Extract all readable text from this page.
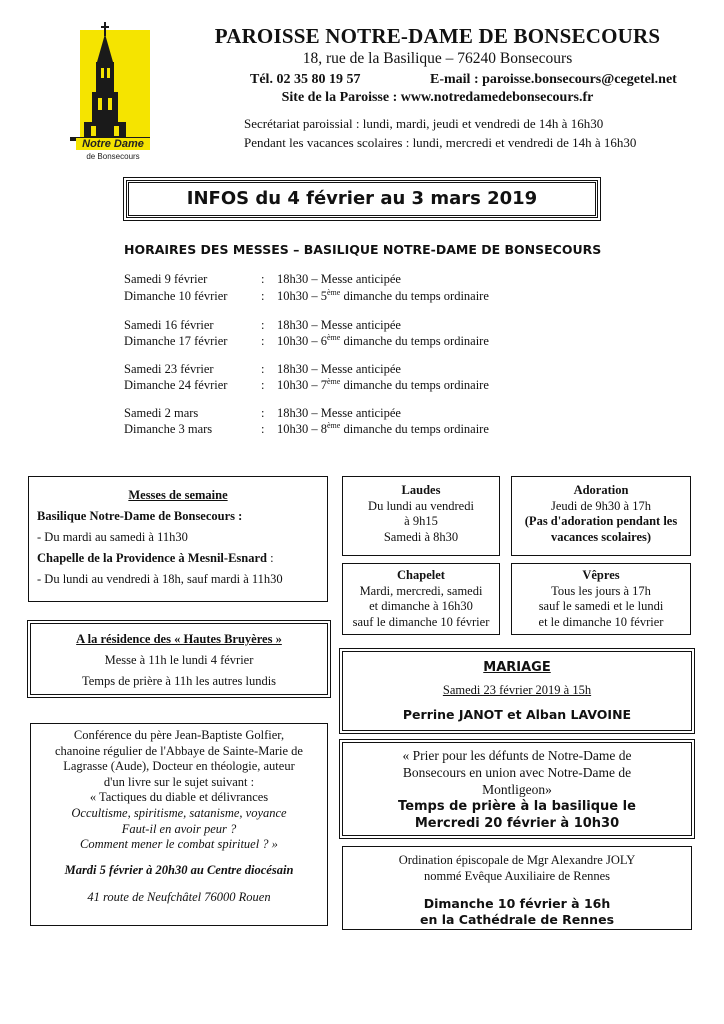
Notre Dame
de Bonsecours
PAROISSE NOTRE-DAME DE BONSECOURS
18, rue de la Basilique – 76240 Bonsecours
Tél. 02 35 80 19 57	E-mail : paroisse.bonsecours@cegetel.net
Site de la Paroisse : www.notredamedebonsecours.fr
Secrétariat paroissial : lundi, mardi, jeudi et vendredi de 14h à 16h30
Pendant les vacances scolaires : lundi, mercredi et vendredi de 14h à 16h30
INFOS du 4 février au 3 mars 2019
HORAIRES DES MESSES – BASILIQUE NOTRE-DAME DE BONSECOURS
Samedi 9 février	: 18h30 – Messe anticipée
Dimanche 10 février	: 10h30 – 5ème dimanche du temps ordinaire
Samedi 16 février	: 18h30 – Messe anticipée
Dimanche 17 février	: 10h30 – 6ème dimanche du temps ordinaire
Samedi 23 février	: 18h30 – Messe anticipée
Dimanche 24 février	: 10h30 – 7ème dimanche du temps ordinaire
Samedi 2 mars	: 18h30 – Messe anticipée
Dimanche 3 mars	: 10h30 – 8ème dimanche du temps ordinaire
Messes de semaine
Basilique Notre-Dame de Bonsecours :
- Du mardi au samedi à 11h30
Chapelle de la Providence à Mesnil-Esnard :
- Du lundi au vendredi à 18h, sauf mardi à 11h30
Laudes
Du lundi au vendredi
à 9h15
Samedi à 8h30
Adoration
Jeudi de 9h30 à 17h
(Pas d'adoration pendant les
vacances scolaires)
Chapelet
Mardi, mercredi, samedi
et dimanche à 16h30
sauf le dimanche 10 février
Vêpres
Tous les jours à 17h
sauf le samedi et le lundi
et le dimanche 10 février
A la résidence des « Hautes Bruyères »
Messe à 11h le lundi 4 février
Temps de prière à 11h les autres lundis
MARIAGE
Samedi 23 février 2019 à 15h
Perrine JANOT et Alban LAVOINE
Conférence du père Jean-Baptiste Golfier,
chanoine régulier de l'Abbaye de Sainte-Marie de
Lagrasse (Aude), Docteur en théologie, auteur
d'un livre sur le sujet suivant :
« Tactiques du diable et délivrances
Occultisme, spiritisme, satanisme, voyance
Faut-il en avoir peur ?
Comment mener le combat spirituel ? »
Mardi 5 février à 20h30 au Centre diocésain
41 route de Neufchâtel 76000 Rouen
« Prier pour les défunts de Notre-Dame de
Bonsecours en union avec Notre-Dame de
Montligeon»
Temps de prière à la basilique le
Mercredi 20 février à 10h30
Ordination épiscopale de Mgr Alexandre JOLY
nommé Evêque Auxiliaire de Rennes
Dimanche 10 février à 16h
en la Cathédrale de Rennes
